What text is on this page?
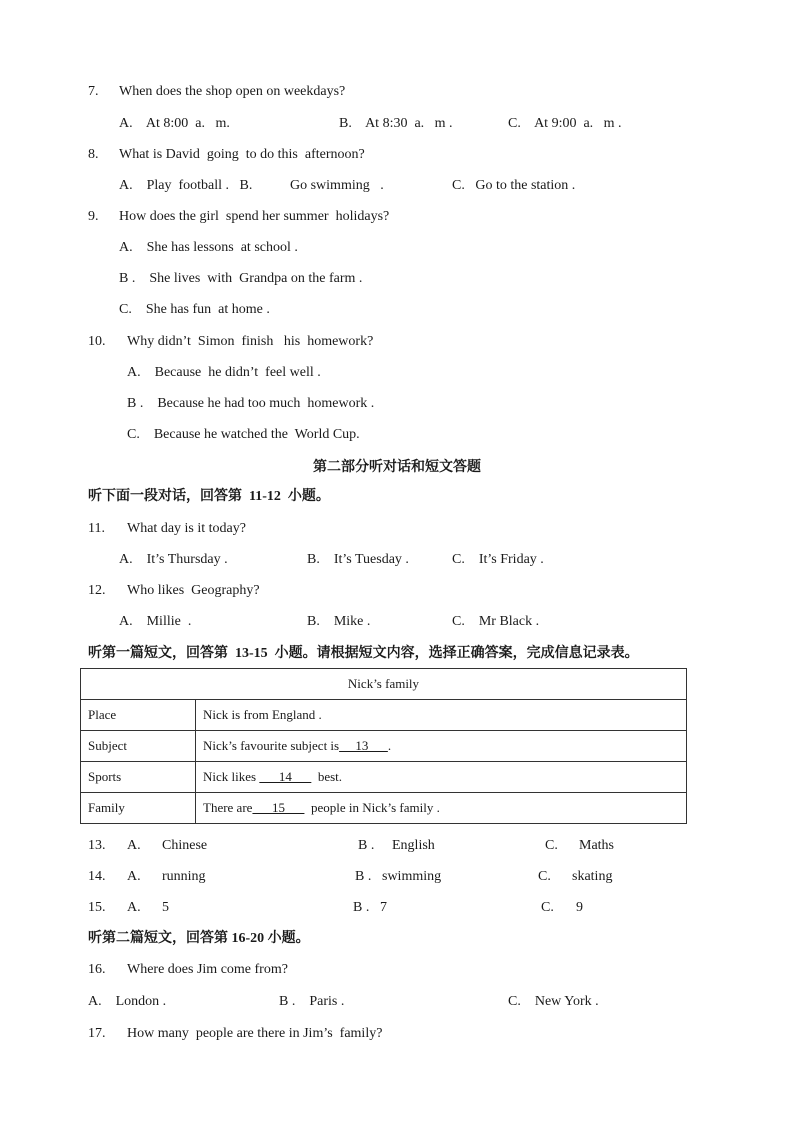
7. When does the shop open on weekdays?
A.    At 8:00  a.   m.	B.    At 8:30  a.   m .	C.    At 9:00  a.   m .
8. What is David  going  to do this  afternoon?
A.    Play  football .   B.	Go swimming   .	C.   Go to the station .
9. How does the girl  spend her summer  holidays?
A.    She has lessons  at school .
B .    She lives  with  Grandpa on the farm .
C.    She has fun  at home .
10. Why didn’t  Simon  finish   his  homework?
A.    Because  he didn’t  feel well .
B .    Because he had too much  homework .
C.    Because he watched the  World Cup.
第二部分听对话和短文答题
听下面一段对话，回答第  11-12  小题。
11. What day is it today?
A.    It’s Thursday .	B.    It’s Tuesday .	C.    It’s Friday .
12. Who likes  Geography?
A.    Millie  .	B.    Mike .	C.    Mr Black .
听第一篇短文，回答第  13-15  小题。请根据短文内容，选择正确答案，完成信息记录表。
Nick’s family	
Place	Nick is from England .
Subject	Nick’s favourite subject is     13      .
Sports	Nick likes       14        best.
Family	There are      15        people in Nick’s family .
13. A. Chinese	B . English	C. Maths
14. A. running	B . swimming	C. skating
15. A. 5	B . 7	C. 9
听第二篇短文，回答第 16-20 小题。
16. Where does Jim come from?
A.    London .	B .    Paris .	C.    New York .
17. How many  people are there in Jim’s  family?
